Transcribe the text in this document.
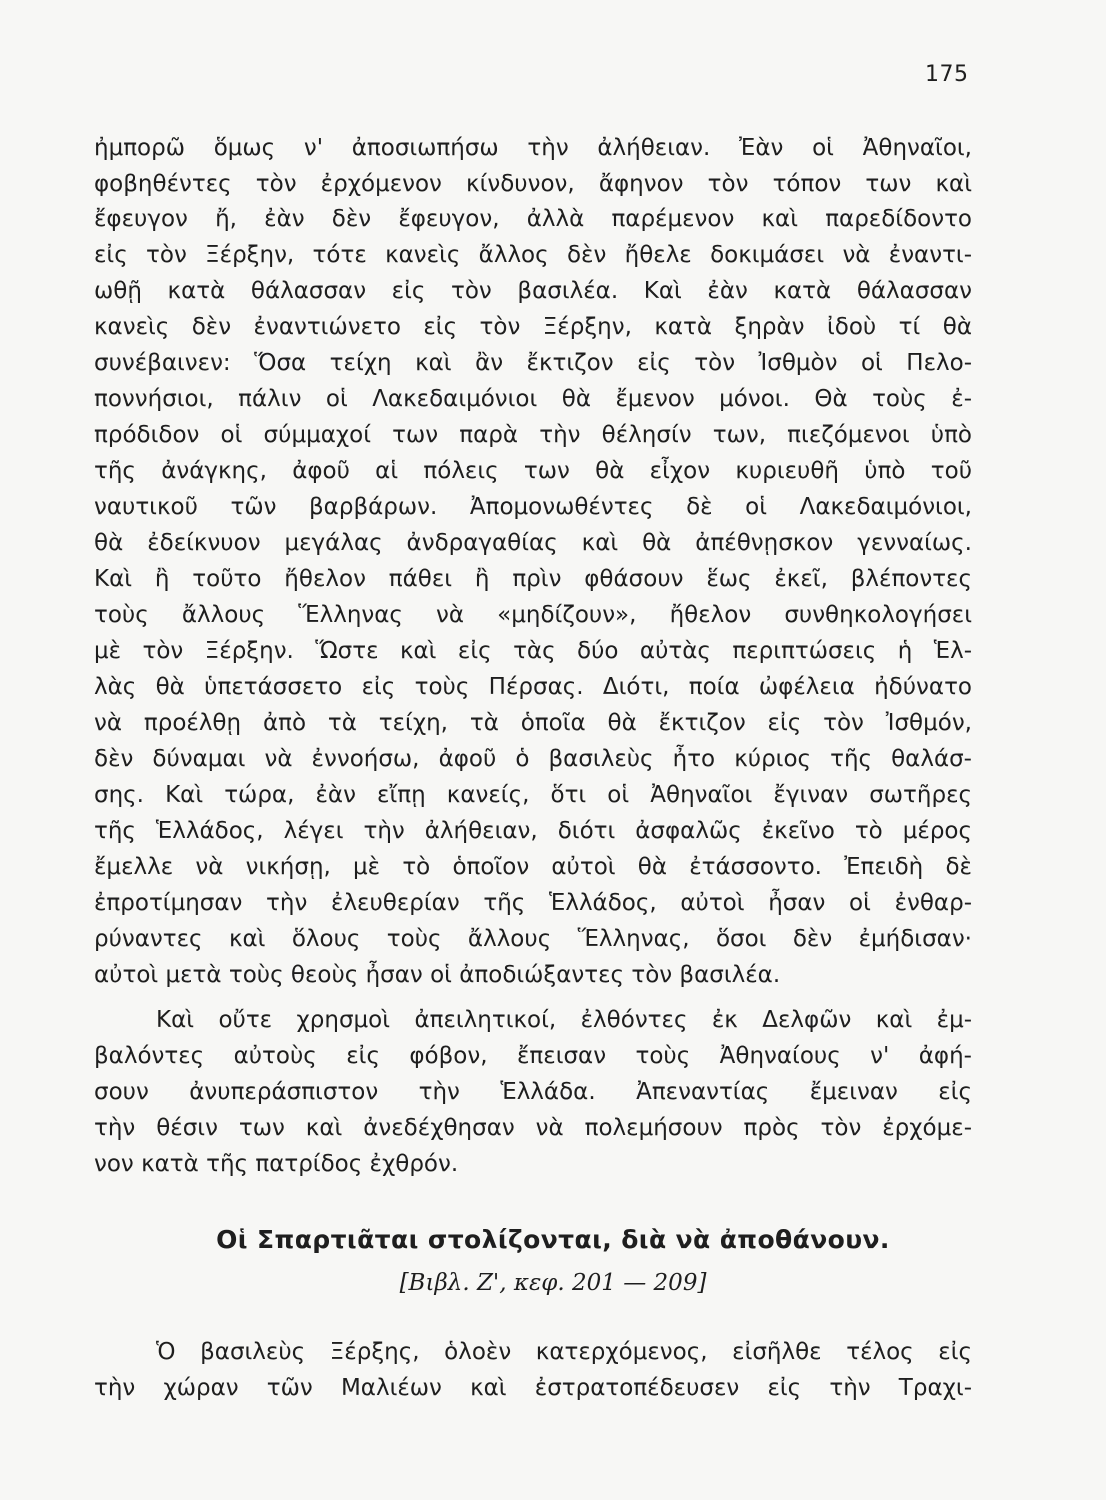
175
ἠμπορῶ ὅμως ν' ἀποσιωπήσω τὴν ἀλήθειαν. Ἐὰν οἱ Ἀθηναῖοι,
φοβηθέντες τὸν ἐρχόμενον κίνδυνον, ἄφηνον τὸν τόπον των καὶ
ἔφευγον ἤ, ἐὰν δὲν ἔφευγον, ἀλλὰ παρέμενον καὶ παρεδίδοντο
εἰς τὸν Ξέρξην, τότε κανεὶς ἄλλος δὲν ἤθελε δοκιμάσει νὰ ἐναντι-
ωθῇ κατὰ θάλασσαν εἰς τὸν βασιλέα. Καὶ ἐὰν κατὰ θάλασσαν
κανεὶς δὲν ἐναντιώνετο εἰς τὸν Ξέρξην, κατὰ ξηρὰν ἰδοὺ τί θὰ
συνέβαινεν: Ὅσα τείχη καὶ ἂν ἔκτιζον εἰς τὸν Ἰσθμὸν οἱ Πελο-
ποννήσιοι, πάλιν οἱ Λακεδαιμόνιοι θὰ ἔμενον μόνοι. Θὰ τοὺς ἐ-
πρόδιδον οἱ σύμμαχοί των παρὰ τὴν θέλησίν των, πιεζόμενοι ὑπὸ
τῆς ἀνάγκης, ἀφοῦ αἱ πόλεις των θὰ εἶχον κυριευθῆ ὑπὸ τοῦ
ναυτικοῦ τῶν βαρβάρων. Ἀπομονωθέντες δὲ οἱ Λακεδαιμόνιοι,
θὰ ἐδείκνυον μεγάλας ἀνδραγαθίας καὶ θὰ ἀπέθνῃσκον γενναίως.
Καὶ ἢ τοῦτο ἤθελον πάθει ἢ πρὶν φθάσουν ἕως ἐκεῖ, βλέποντες
τοὺς ἄλλους Ἕλληνας νὰ «μηδίζουν», ἤθελον συνθηκολογήσει
μὲ τὸν Ξέρξην. Ὥστε καὶ εἰς τὰς δύο αὐτὰς περιπτώσεις ἡ Ἑλ-
λὰς θὰ ὑπετάσσετο εἰς τοὺς Πέρσας. Διότι, ποία ὠφέλεια ἠδύνατο
νὰ προέλθῃ ἀπὸ τὰ τείχη, τὰ ὁποῖα θὰ ἔκτιζον εἰς τὸν Ἰσθμόν,
δὲν δύναμαι νὰ ἐννοήσω, ἀφοῦ ὁ βασιλεὺς ἦτο κύριος τῆς θαλάσ-
σης. Καὶ τώρα, ἐὰν εἴπῃ κανείς, ὅτι οἱ Ἀθηναῖοι ἔγιναν σωτῆρες
τῆς Ἑλλάδος, λέγει τὴν ἀλήθειαν, διότι ἀσφαλῶς ἐκεῖνο τὸ μέρος
ἔμελλε νὰ νικήσῃ, μὲ τὸ ὁποῖον αὐτοὶ θὰ ἐτάσσοντο. Ἐπειδὴ δὲ
ἐπροτίμησαν τὴν ἐλευθερίαν τῆς Ἑλλάδος, αὐτοὶ ἦσαν οἱ ἐνθαρ-
ρύναντες καὶ ὅλους τοὺς ἄλλους Ἕλληνας, ὅσοι δὲν ἐμήδισαν·
αὐτοὶ μετὰ τοὺς θεοὺς ἦσαν οἱ ἀποδιώξαντες τὸν βασιλέα.
Καὶ οὔτε χρησμοὶ ἀπειλητικοί, ἐλθόντες ἐκ Δελφῶν καὶ ἐμ-
βαλόντες αὐτοὺς εἰς φόβον, ἔπεισαν τοὺς Ἀθηναίους ν' ἀφή-
σουν ἀνυπεράσπιστον τὴν Ἑλλάδα. Ἀπεναντίας ἔμειναν εἰς
τὴν θέσιν των καὶ ἀνεδέχθησαν νὰ πολεμήσουν πρὸς τὸν ἐρχόμε-
νον κατὰ τῆς πατρίδος ἐχθρόν.
Οἱ Σπαρτιᾶται στολίζονται, διὰ νὰ ἀποθάνουν.
[Βιβλ. Ζ', κεφ. 201 — 209]
Ὁ βασιλεὺς Ξέρξης, ὁλοὲν κατερχόμενος, εἰσῆλθε τέλος εἰς
τὴν χώραν τῶν Μαλιέων καὶ ἐστρατοπέδευσεν εἰς τὴν Τραχι-
